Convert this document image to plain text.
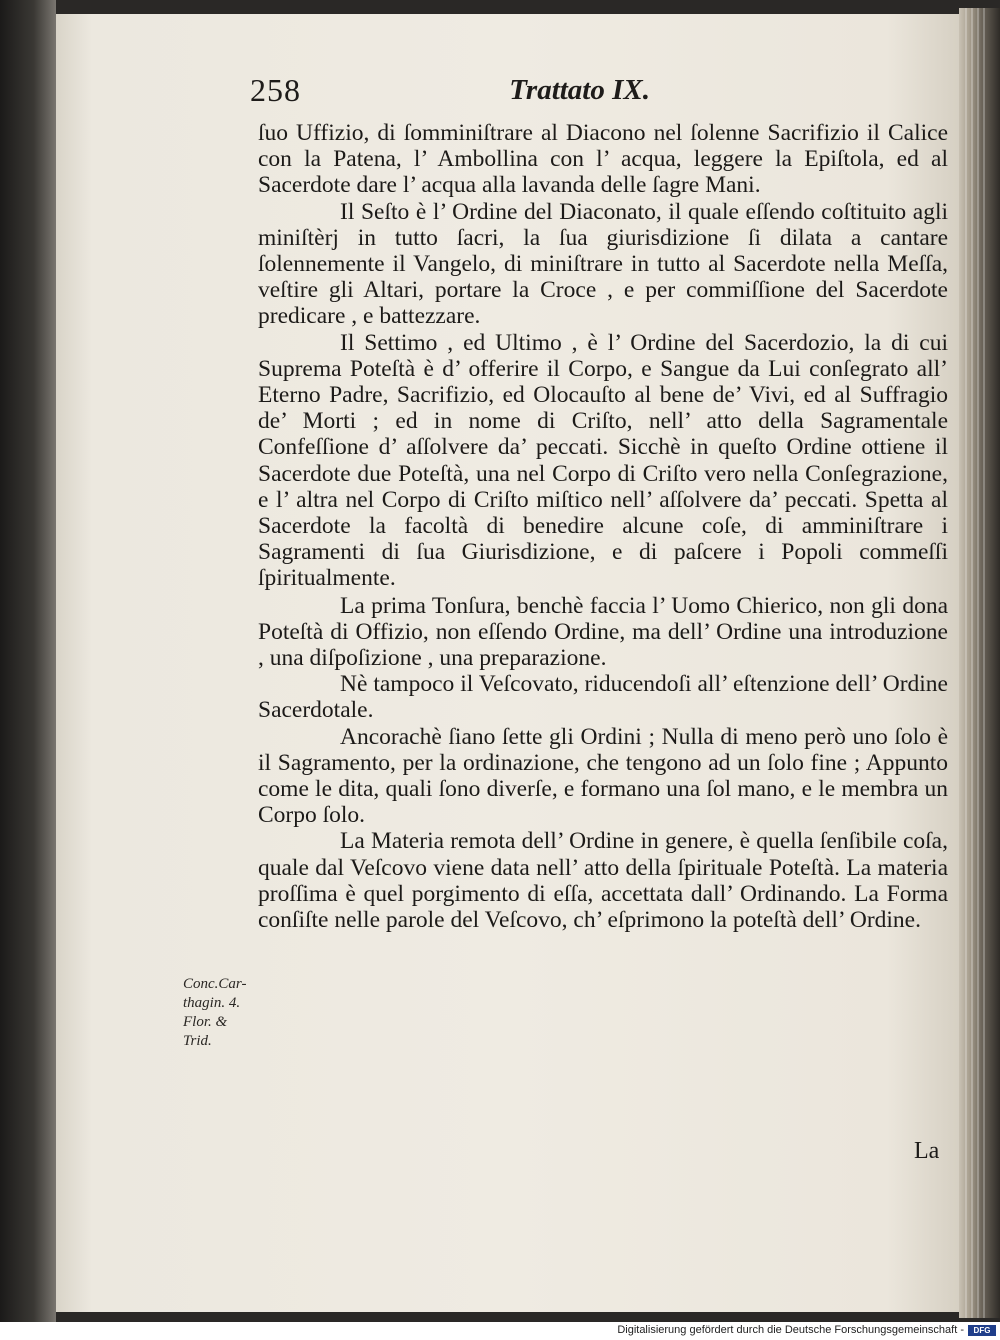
258	Trattato IX.

ſuo Uffizio, di ſomminiſtrare al Diacono nel ſolenne Sacrifizio il Calice con la Patena, l’ Ambollina con l’ acqua, leggere la Epiſtola, ed al Sacerdote dare l’ acqua alla lavanda delle ſagre Mani.

Il Seſto è l’ Ordine del Diaconato, il quale eſſendo coſtituito agli miniſtèrj in tutto ſacri, la ſua giurisdizione ſi dilata a cantare ſolennemente il Vangelo, di miniſtrare in tutto al Sacerdote nella Meſſa, veſtire gli Altari, portare la Croce , e per commiſſione del Sacerdote predicare , e battezzare.

Il Settimo , ed Ultimo , è l’ Ordine del Sacerdozio, la di cui Suprema Poteſtà è d’ offerire il Corpo, e Sangue da Lui conſegrato all’ Eterno Padre, Sacrifizio, ed Olocauſto al bene de’ Vivi, ed al Suffragio de’ Morti ; ed in nome di Criſto, nell’ atto della Sagramentale Confeſſione d’ aſſolvere da’ peccati. Sicchè in queſto Ordine ottiene il Sacerdote due Poteſtà, una nel Corpo di Criſto vero nella Conſegrazione, e l’ altra nel Corpo di Criſto miſtico nell’ aſſolvere da’ peccati. Spetta al Sacerdote la facoltà di benedire alcune coſe, di amminiſtrare i Sagramenti di ſua Giurisdizione, e di paſcere i Popoli commeſſi ſpiritualmente.

La prima Tonſura, benchè faccia l’ Uomo Chierico, non gli dona Poteſtà di Offizio, non eſſendo Ordine, ma dell’ Ordine una introduzione , una diſpoſizione , una preparazione.

Nè tampoco il Veſcovato, riducendoſi all’ eſtenzione dell’ Ordine Sacerdotale.

Ancorachè ſiano ſette gli Ordini ; Nulla di meno però uno ſolo è il Sagramento, per la ordinazione, che tengono ad un ſolo fine ; Appunto come le dita, quali ſono diverſe, e formano una ſol mano, e le membra un Corpo ſolo.

La Materia remota dell’ Ordine in genere, è quella ſenſibile coſa, quale dal Veſcovo viene data nell’ atto della ſpirituale Poteſtà. La materia proſſima è quel porgimento di eſſa, accettata dall’ Ordinando. La Forma conſiſte nelle parole del Veſcovo, ch’ eſprimono la poteſtà dell’ Ordine.

Conc.Car-
thagin. 4.
Flor. &
Trid.
La
Digitalisierung gefördert durch die Deutsche Forschungsgemeinschaft -	DFG
